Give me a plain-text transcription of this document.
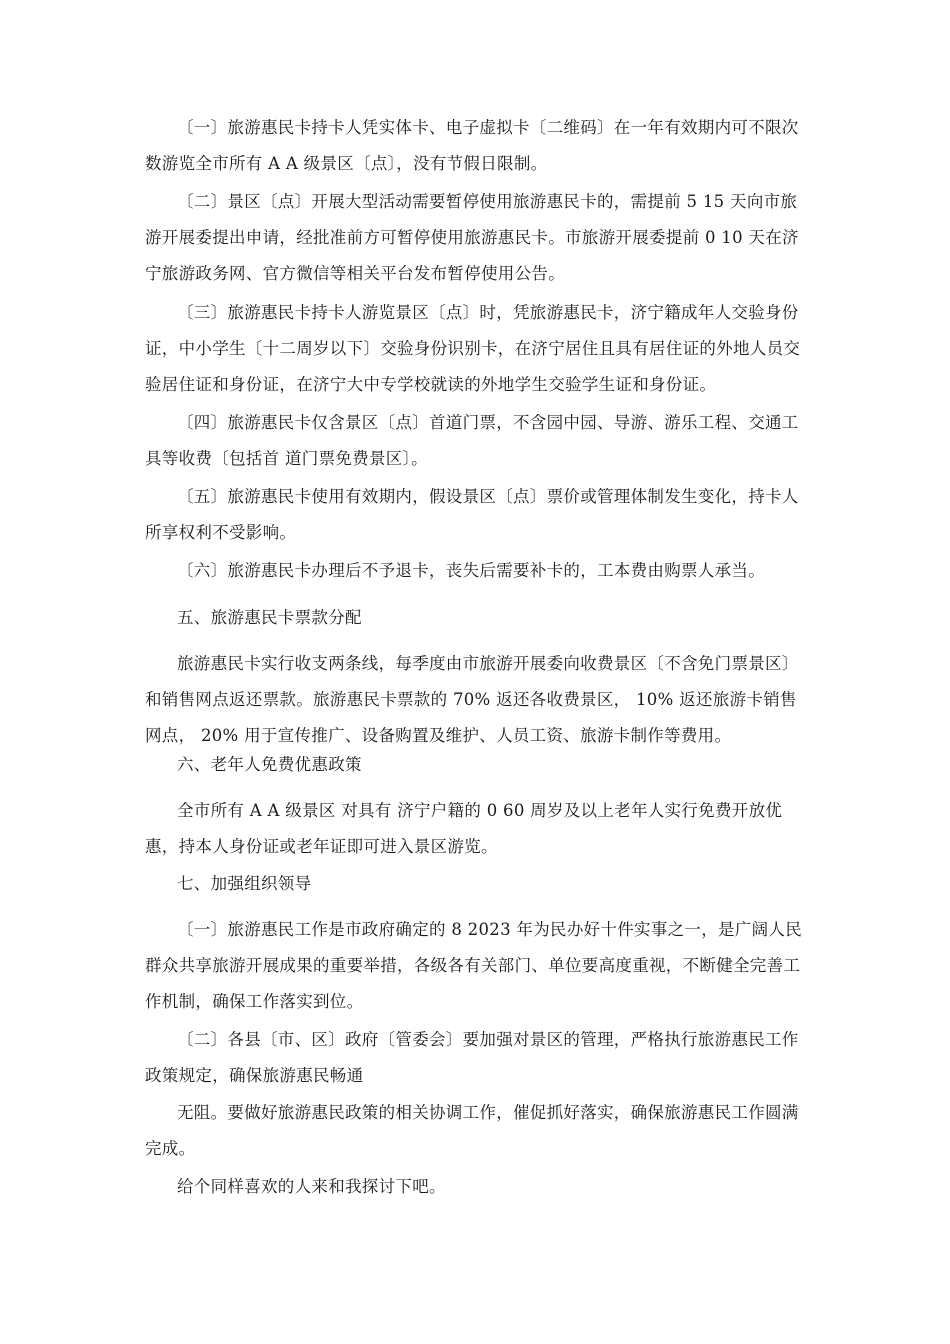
〔一〕旅游惠民卡持卡人凭实体卡、电子虚拟卡〔二维码〕在一年有效期内可不限次数游览全市所有 A A 级景区〔点〕，没有节假日限制。

〔二〕景区〔点〕开展大型活动需要暂停使用旅游惠民卡的，需提前 5 15 天向市旅游开展委提出申请，经批准前方可暂停使用旅游惠民卡。市旅游开展委提前 0 10 天在济宁旅游政务网、官方微信等相关平台发布暂停使用公告。

〔三〕旅游惠民卡持卡人游览景区〔点〕时，凭旅游惠民卡，济宁籍成年人交验身份证，中小学生〔十二周岁以下〕交验身份识别卡，在济宁居住且具有居住证的外地人员交验居住证和身份证，在济宁大中专学校就读的外地学生交验学生证和身份证。

〔四〕旅游惠民卡仅含景区〔点〕首道门票，不含园中园、导游、游乐工程、交通工具等收费〔包括首 道门票免费景区〕。

〔五〕旅游惠民卡使用有效期内，假设景区〔点〕票价或管理体制发生变化，持卡人所享权利不受影响。

〔六〕旅游惠民卡办理后不予退卡，丧失后需要补卡的，工本费由购票人承当。

五、旅游惠民卡票款分配

旅游惠民卡实行收支两条线，每季度由市旅游开展委向收费景区〔不含免门票景区〕和销售网点返还票款。旅游惠民卡票款的 70% 返还各收费景区， 10% 返还旅游卡销售网点， 20% 用于宣传推广、设备购置及维护、人员工资、旅游卡制作等费用。

六、老年人免费优惠政策

全市所有 A A 级景区 对具有 济宁户籍的 0 60 周岁及以上老年人实行免费开放优惠，持本人身份证或老年证即可进入景区游览。

七、加强组织领导

〔一〕旅游惠民工作是市政府确定的 8 2023 年为民办好十件实事之一，是广阔人民群众共享旅游开展成果的重要举措，各级各有关部门、单位要高度重视，不断健全完善工作机制，确保工作落实到位。

〔二〕各县〔市、区〕政府〔管委会〕要加强对景区的管理，严格执行旅游惠民工作政策规定，确保旅游惠民畅通

无阻。要做好旅游惠民政策的相关协调工作，催促抓好落实，确保旅游惠民工作圆满完成。

给个同样喜欢的人来和我探讨下吧。
